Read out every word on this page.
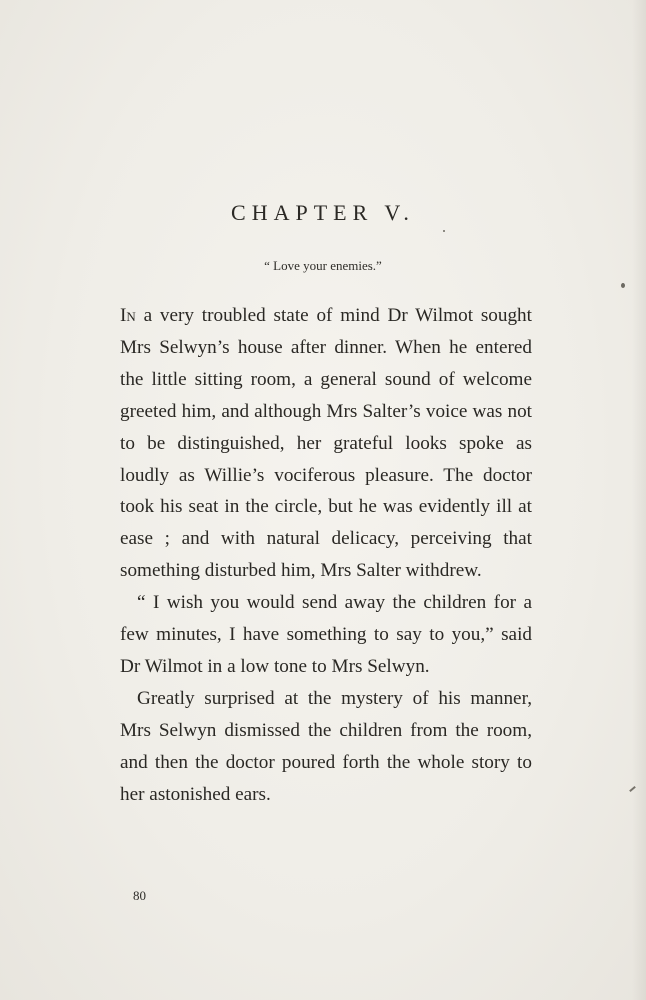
CHAPTER V.
“ Love your enemies.”

In a very troubled state of mind Dr Wilmot sought Mrs Selwyn’s house after dinner. When he entered the little sitting room, a general sound of welcome greeted him, and although Mrs Salter’s voice was not to be distinguished, her grateful looks spoke as loudly as Willie’s vociferous pleasure. The doctor took his seat in the circle, but he was evidently ill at ease ; and with natural delicacy, perceiving that something disturbed him, Mrs Salter withdrew.

“ I wish you would send away the children for a few minutes, I have something to say to you,” said Dr Wilmot in a low tone to Mrs Selwyn.

Greatly surprised at the mystery of his manner, Mrs Selwyn dismissed the children from the room, and then the doctor poured forth the whole story to her astonished ears.

80
